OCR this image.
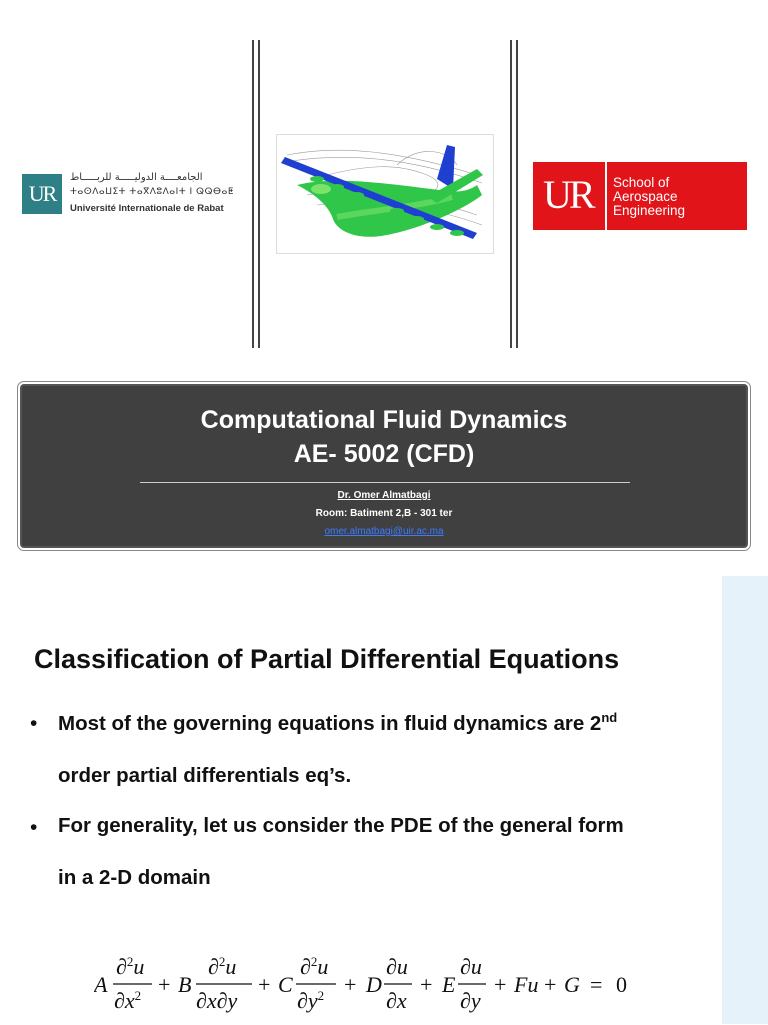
UR
الجامعــــة الدوليـــــة للربـــــاط
ⵜⴰⵙⴷⴰⵡⵉⵜ ⵜⴰⴳⴷⵓⴷⴰⵏⵜ ⵏ ⵕⵕⴱⴰⵟ
Université Internationale de Rabat	UR School of
Aerospace
Engineering
Computational Fluid Dynamics
AE- 5002 (CFD)
Dr. Omer Almatbagi
Room: Batiment 2,B - 301 ter
omer.almatbagi@uir.ac.ma
Classification of Partial Differential Equations
• Most of the governing equations in fluid dynamics are 2nd
order partial differentials eq’s.
• For generality, let us consider the PDE of the general form
in a 2-D domain
A
∂$^2$u
$\partial x^2 + B$
∂$^2$u
∂x∂y
+ C
∂$^2$u
$\partial y^2 + D$
∂u
∂x
+ E
∂u
∂y
+ Fu + G = 0
